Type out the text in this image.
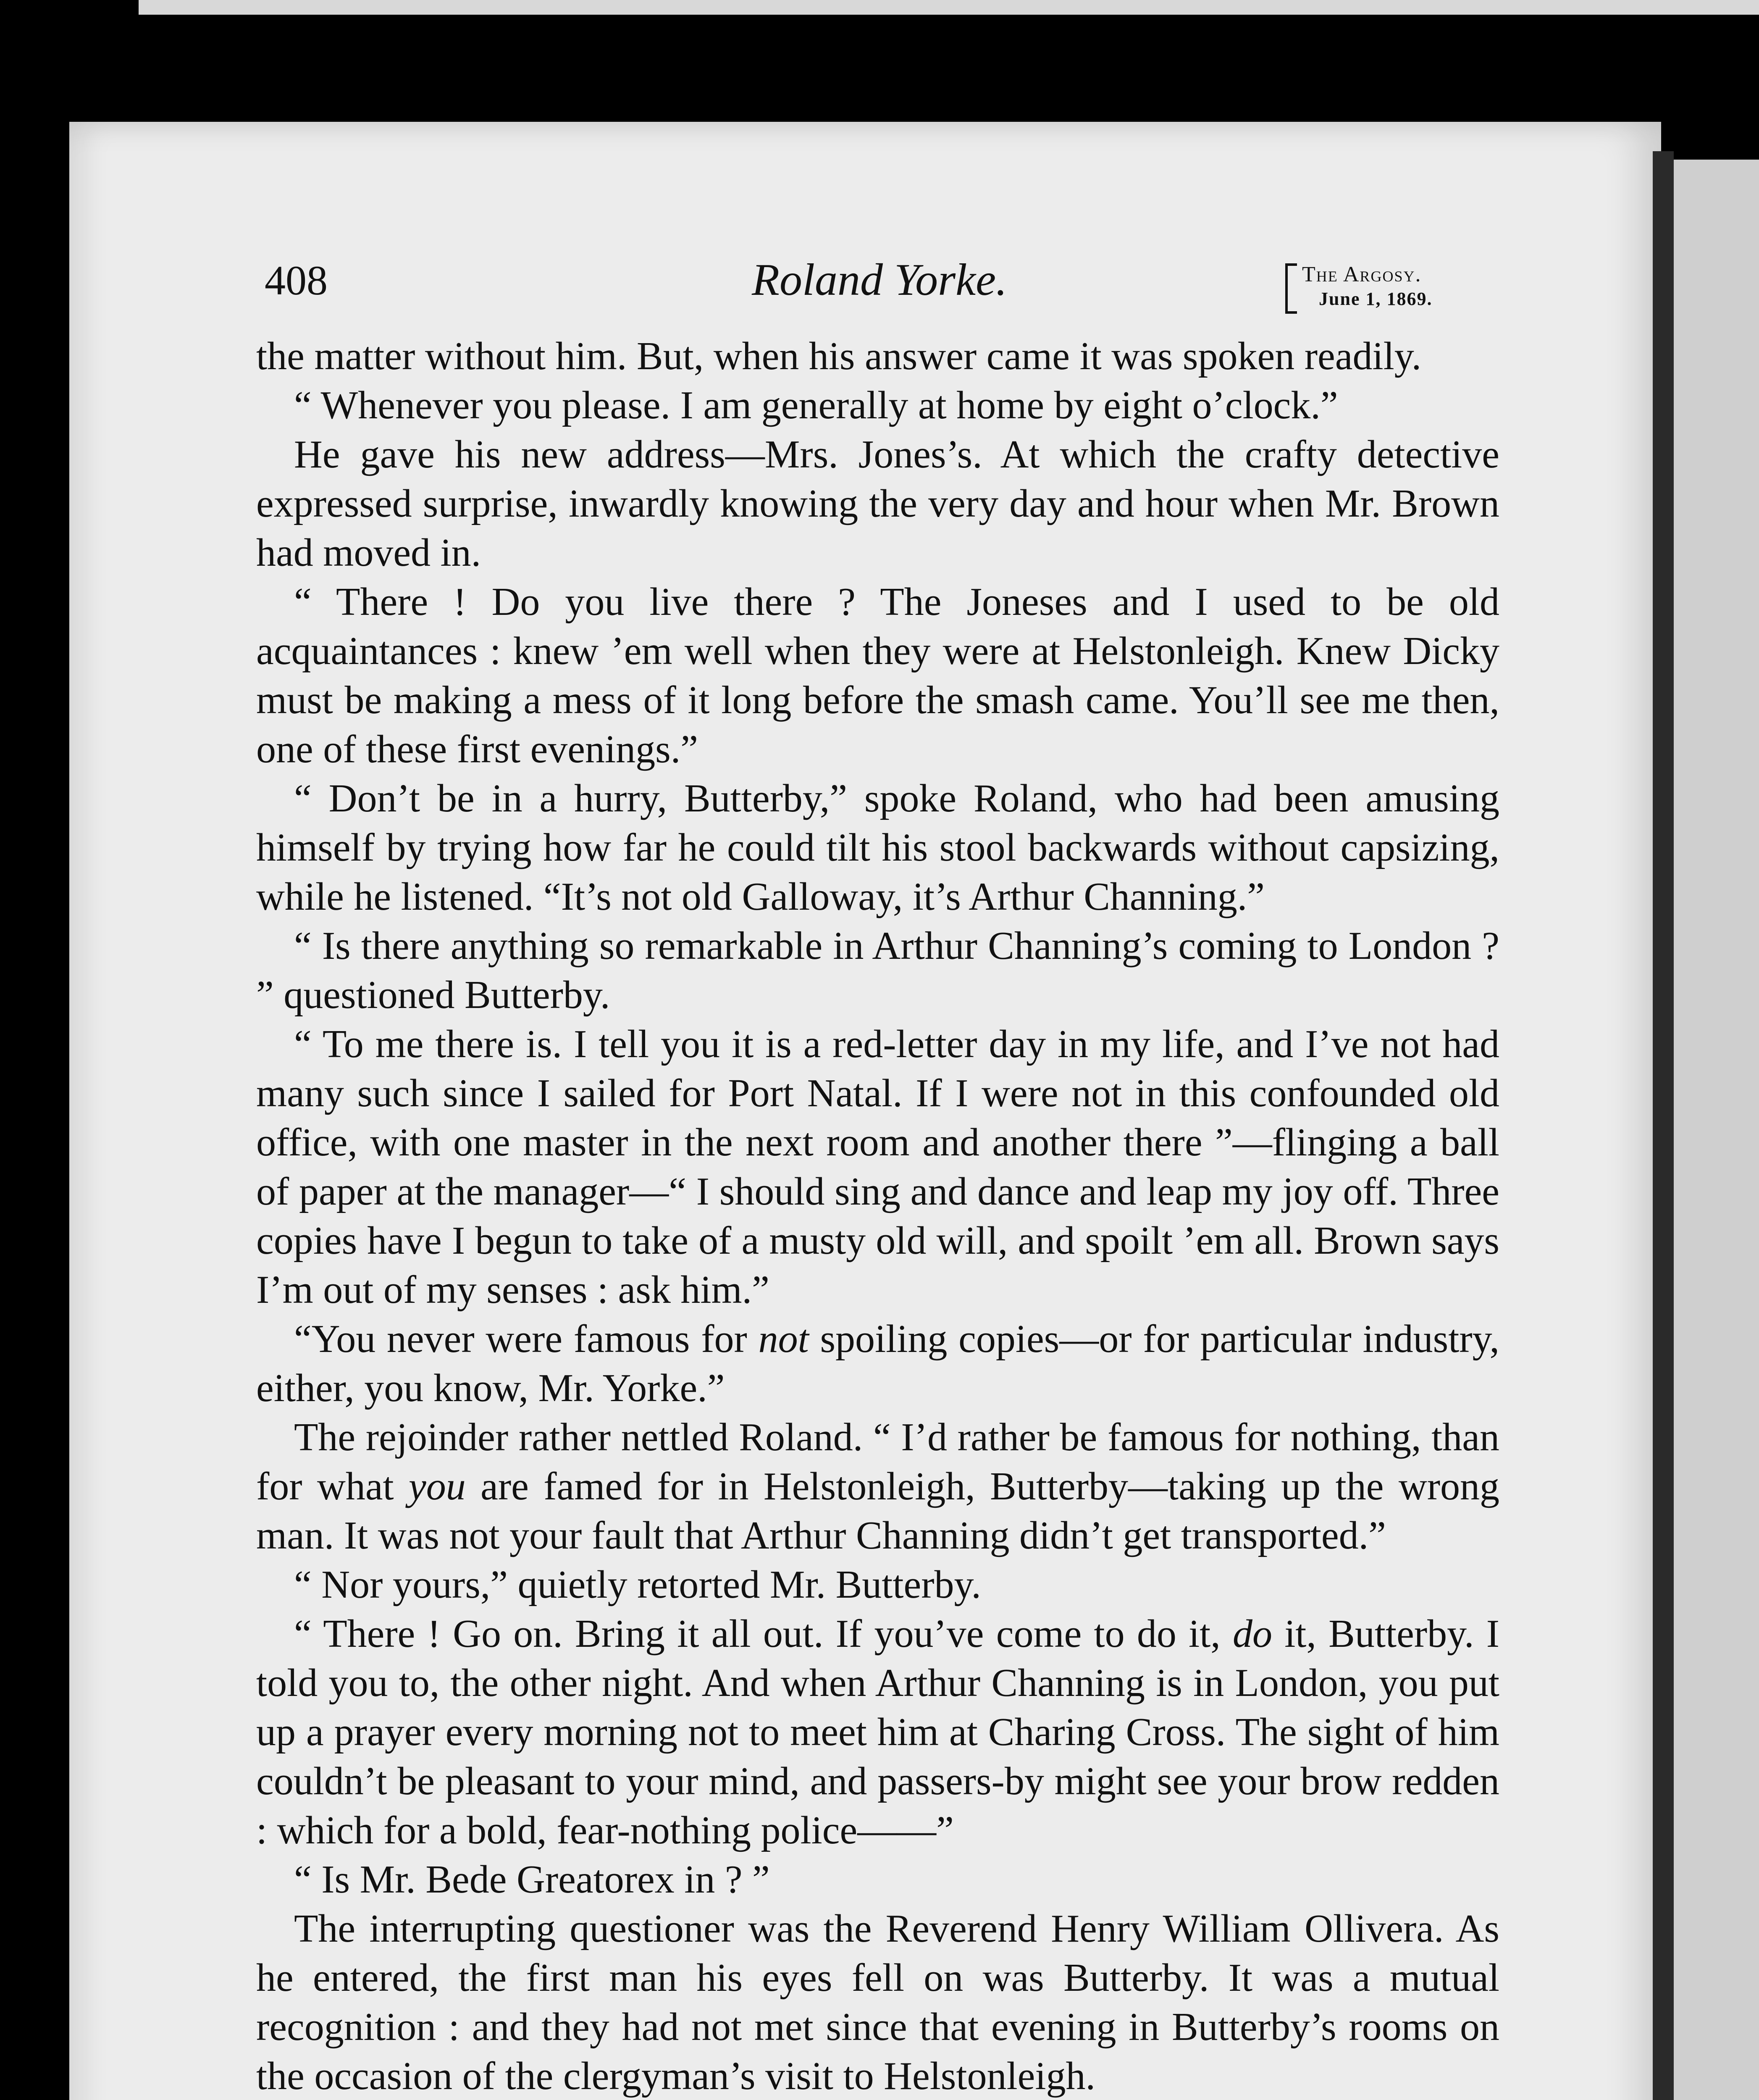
408	Roland Yorke.	The Argosy.
June 1, 1869.

the matter without him. But, when his answer came it was spoken readily.

“ Whenever you please. I am generally at home by eight o’clock.”

He gave his new address—Mrs. Jones’s. At which the crafty detective expressed surprise, inwardly knowing the very day and hour when Mr. Brown had moved in.

“ There ! Do you live there ? The Joneses and I used to be old acquaintances : knew ’em well when they were at Helstonleigh. Knew Dicky must be making a mess of it long before the smash came. You’ll see me then, one of these first evenings.”

“ Don’t be in a hurry, Butterby,” spoke Roland, who had been amusing himself by trying how far he could tilt his stool backwards without capsizing, while he listened. “It’s not old Galloway, it’s Arthur Channing.”

“ Is there anything so remarkable in Arthur Channing’s coming to London ? ” questioned Butterby.

“ To me there is. I tell you it is a red-letter day in my life, and I’ve not had many such since I sailed for Port Natal. If I were not in this confounded old office, with one master in the next room and another there ”—flinging a ball of paper at the manager—“ I should sing and dance and leap my joy off. Three copies have I begun to take of a musty old will, and spoilt ’em all. Brown says I’m out of my senses : ask him.”

“You never were famous for not spoiling copies—or for particular industry, either, you know, Mr. Yorke.”

The rejoinder rather nettled Roland. “ I’d rather be famous for nothing, than for what you are famed for in Helstonleigh, Butterby—taking up the wrong man. It was not your fault that Arthur Channing didn’t get transported.”

“ Nor yours,” quietly retorted Mr. Butterby.

“ There ! Go on. Bring it all out. If you’ve come to do it, do it, Butterby. I told you to, the other night. And when Arthur Channing is in London, you put up a prayer every morning not to meet him at Charing Cross. The sight of him couldn’t be pleasant to your mind, and passers-by might see your brow redden : which for a bold, fear-nothing police——”

“ Is Mr. Bede Greatorex in ? ”

The interrupting questioner was the Reverend Henry William Ollivera. As he entered, the first man his eyes fell on was Butterby. It was a mutual recognition : and they had not met since that evening in Butterby’s rooms on the occasion of the clergyman’s visit to Helstonleigh.
